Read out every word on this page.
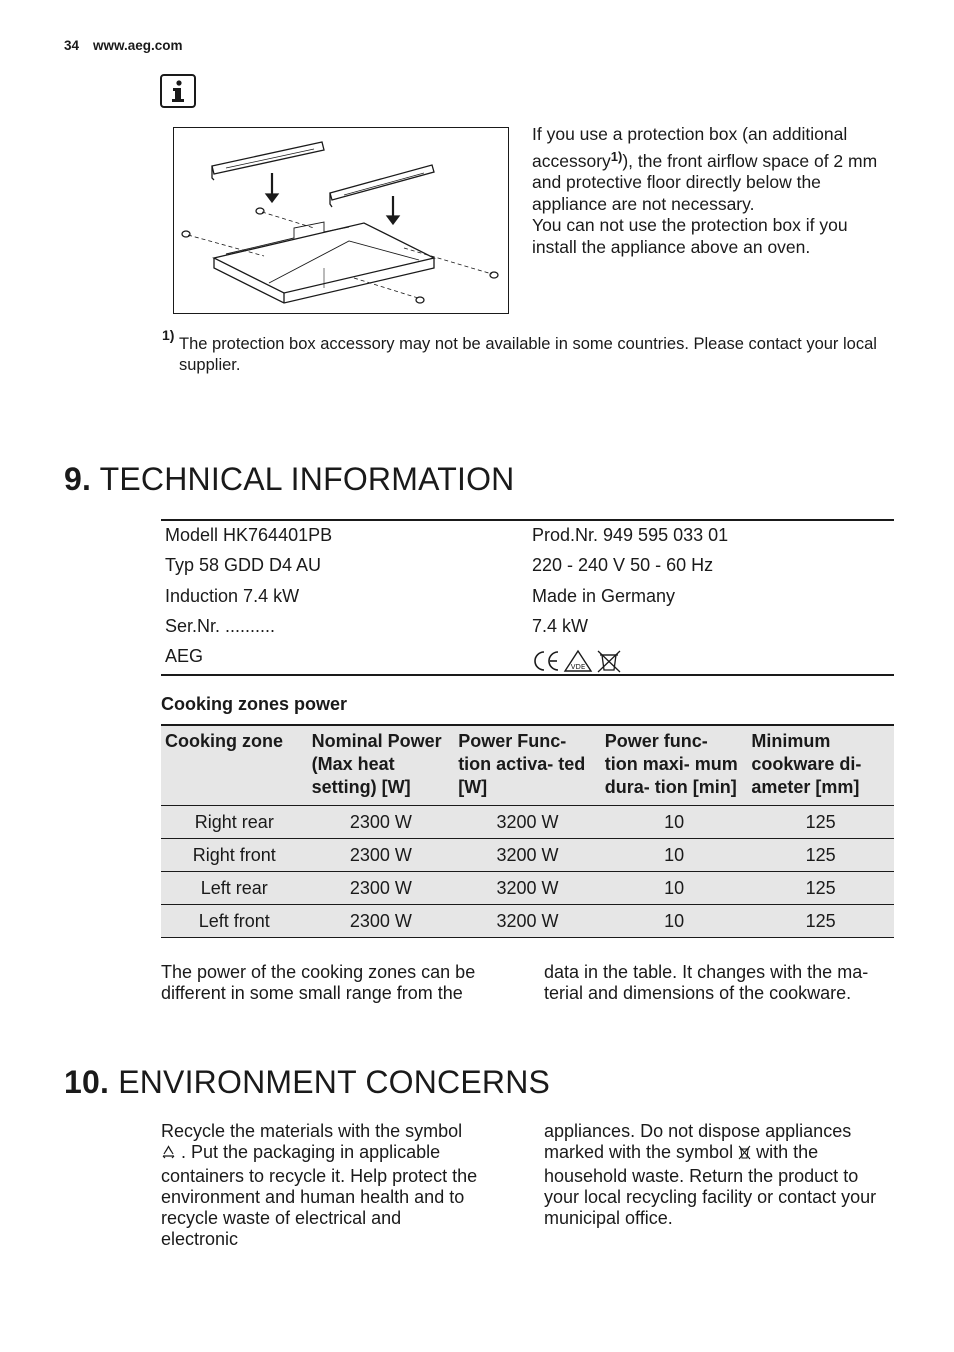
34 www.aeg.com
If you use a protection box (an additional accessory$^{1)}$), the front airflow space of 2 mm and protective floor directly below the appliance are not necessary.
You can not use the protection box if you install the appliance above an oven.
1) The protection box accessory may not be available in some countries. Please contact your local supplier.
9. TECHNICAL INFORMATION
Modell HK764401PB	Prod.Nr. 949 595 033 01
Typ 58 GDD D4 AU	220 - 240 V 50 - 60 Hz
Induction 7.4 kW	Made in Germany
Ser.Nr. ..........	7.4 kW
AEG
VDE
Cooking zones power
Cooking zone	Nominal Power (Max heat setting) [W]	Power Func- tion activa- ted [W]	Power func- tion maxi- mum dura- tion [min]	Minimum cookware di- ameter [mm]
Right rear	2300 W	3200 W	10	125
Right front	2300 W	3200 W	10	125
Left rear	2300 W	3200 W	10	125
Left front	2300 W	3200 W	10	125
The power of the cooking zones can be different in some small range from the
data in the table. It changes with the ma- terial and dimensions of the cookware.
10. ENVIRONMENT CONCERNS
Recycle the materials with the symbol  . Put the packaging in applicable containers to recycle it. Help protect the environment and human health and to recycle waste of electrical and electronic
appliances. Do not dispose appliances marked with the symbol with the household waste. Return the product to your local recycling facility or contact your municipal office.
